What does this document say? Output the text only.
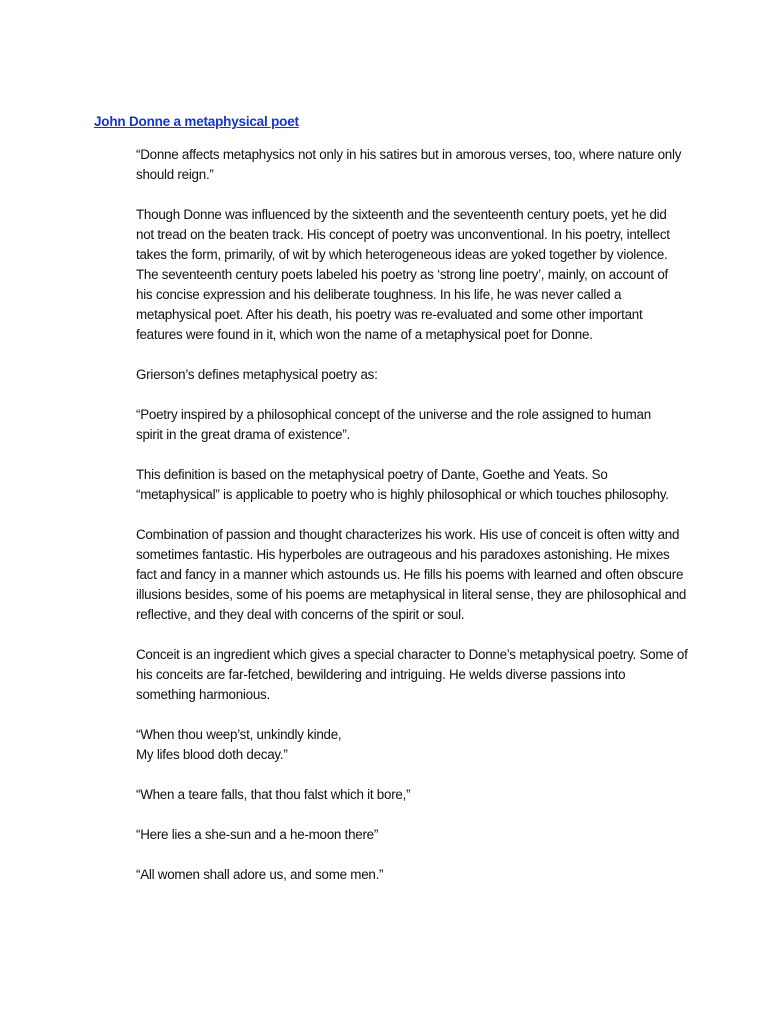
John Donne a metaphysical poet

“Donne affects metaphysics not only in his satires but in amorous verses, too, where nature only
should reign.”

Though Donne was influenced by the sixteenth and the seventeenth century poets, yet he did
not tread on the beaten track. His concept of poetry was unconventional. In his poetry, intellect
takes the form, primarily, of wit by which heterogeneous ideas are yoked together by violence.
The seventeenth century poets labeled his poetry as ‘strong line poetry’, mainly, on account of
his concise expression and his deliberate toughness. In his life, he was never called a
metaphysical poet. After his death, his poetry was re-evaluated and some other important
features were found in it, which won the name of a metaphysical poet for Donne.

Grierson’s defines metaphysical poetry as:

“Poetry inspired by a philosophical concept of the universe and the role assigned to human
spirit in the great drama of existence”.

This definition is based on the metaphysical poetry of Dante, Goethe and Yeats. So
“metaphysical” is applicable to poetry who is highly philosophical or which touches philosophy.

Combination of passion and thought characterizes his work. His use of conceit is often witty and
sometimes fantastic. His hyperboles are outrageous and his paradoxes astonishing. He mixes
fact and fancy in a manner which astounds us. He fills his poems with learned and often obscure
illusions besides, some of his poems are metaphysical in literal sense, they are philosophical and
reflective, and they deal with concerns of the spirit or soul.

Conceit is an ingredient which gives a special character to Donne’s metaphysical poetry. Some of
his conceits are far-fetched, bewildering and intriguing. He welds diverse passions into
something harmonious.

“When thou weep’st, unkindly kinde,
My lifes blood doth decay.”

“When a teare falls, that thou falst which it bore,”

“Here lies a she-sun and a he-moon there”

“All women shall adore us, and some men.”
